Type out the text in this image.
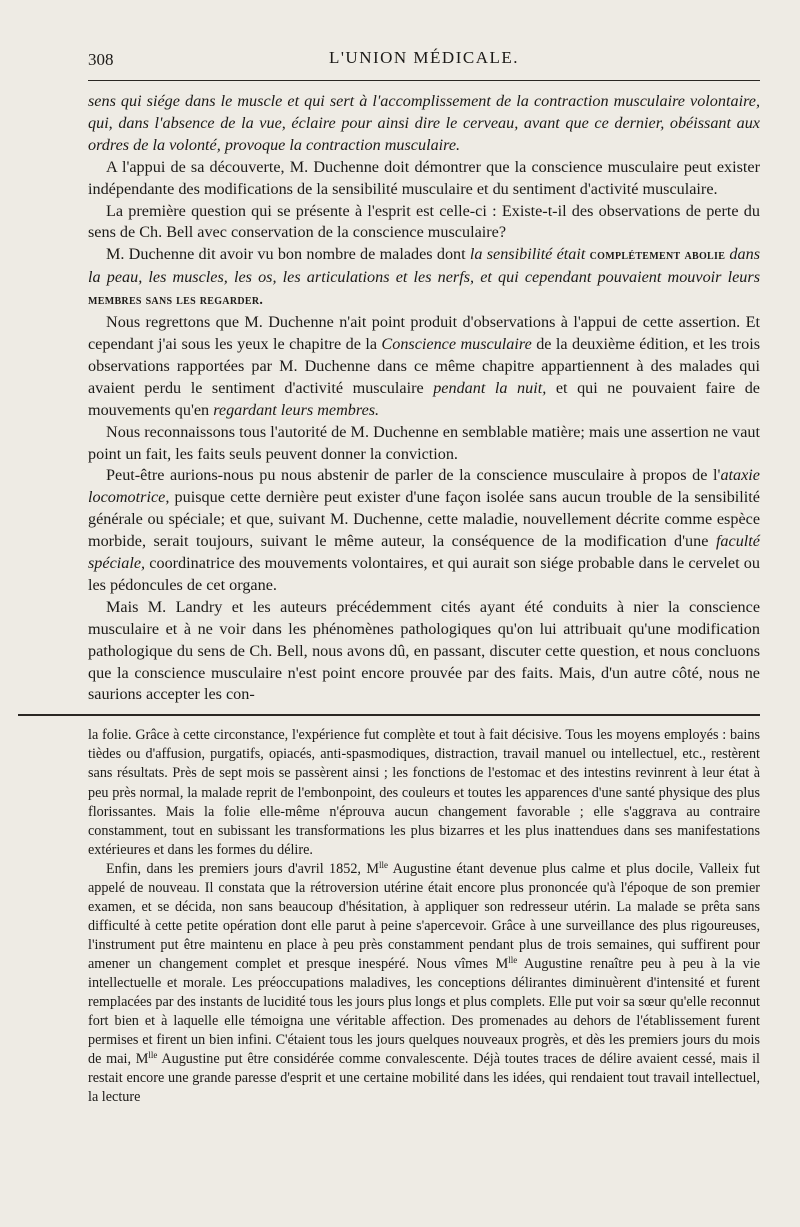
308	L'UNION MÉDICALE.

sens qui siége dans le muscle et qui sert à l'accomplissement de la contraction musculaire volontaire, qui, dans l'absence de la vue, éclaire pour ainsi dire le cerveau, avant que ce dernier, obéissant aux ordres de la volonté, provoque la contraction musculaire.

A l'appui de sa découverte, M. Duchenne doit démontrer que la conscience musculaire peut exister indépendante des modifications de la sensibilité musculaire et du sentiment d'activité musculaire.

La première question qui se présente à l'esprit est celle-ci : Existe-t-il des observations de perte du sens de Ch. Bell avec conservation de la conscience musculaire?

M. Duchenne dit avoir vu bon nombre de malades dont la sensibilité était complétement abolie dans la peau, les muscles, les os, les articulations et les nerfs, et qui cependant pouvaient mouvoir leurs membres sans les regarder.

Nous regrettons que M. Duchenne n'ait point produit d'observations à l'appui de cette assertion. Et cependant j'ai sous les yeux le chapitre de la Conscience musculaire de la deuxième édition, et les trois observations rapportées par M. Duchenne dans ce même chapitre appartiennent à des malades qui avaient perdu le sentiment d'activité musculaire pendant la nuit, et qui ne pouvaient faire de mouvements qu'en regardant leurs membres.

Nous reconnaissons tous l'autorité de M. Duchenne en semblable matière; mais une assertion ne vaut point un fait, les faits seuls peuvent donner la conviction.

Peut-être aurions-nous pu nous abstenir de parler de la conscience musculaire à propos de l'ataxie locomotrice, puisque cette dernière peut exister d'une façon isolée sans aucun trouble de la sensibilité générale ou spéciale; et que, suivant M. Duchenne, cette maladie, nouvellement décrite comme espèce morbide, serait toujours, suivant le même auteur, la conséquence de la modification d'une faculté spéciale, coordinatrice des mouvements volontaires, et qui aurait son siége probable dans le cervelet ou les pédoncules de cet organe.

Mais M. Landry et les auteurs précédemment cités ayant été conduits à nier la conscience musculaire et à ne voir dans les phénomènes pathologiques qu'on lui attribuait qu'une modification pathologique du sens de Ch. Bell, nous avons dû, en passant, discuter cette question, et nous concluons que la conscience musculaire n'est point encore prouvée par des faits. Mais, d'un autre côté, nous ne saurions accepter les con-

la folie. Grâce à cette circonstance, l'expérience fut complète et tout à fait décisive. Tous les moyens employés : bains tièdes ou d'affusion, purgatifs, opiacés, anti-spasmodiques, distraction, travail manuel ou intellectuel, etc., restèrent sans résultats. Près de sept mois se passèrent ainsi ; les fonctions de l'estomac et des intestins revinrent à leur état à peu près normal, la malade reprit de l'embonpoint, des couleurs et toutes les apparences d'une santé physique des plus florissantes. Mais la folie elle-même n'éprouva aucun changement favorable ; elle s'aggrava au contraire constamment, tout en subissant les transformations les plus bizarres et les plus inattendues dans ses manifestations extérieures et dans les formes du délire.

Enfin, dans les premiers jours d'avril 1852, $M^{lle}$ Augustine étant devenue plus calme et plus docile, Valleix fut appelé de nouveau. Il constata que la rétroversion utérine était encore plus prononcée qu'à l'époque de son premier examen, et se décida, non sans beaucoup d'hésitation, à appliquer son redresseur utérin. La malade se prêta sans difficulté à cette petite opération dont elle parut à peine s'apercevoir. Grâce à une surveillance des plus rigoureuses, l'instrument put être maintenu en place à peu près constamment pendant plus de trois semaines, qui suffirent pour amener un changement complet et presque inespéré. Nous vîmes $M^{lle}$ Augustine renaître peu à peu à la vie intellectuelle et morale. Les préoccupations maladives, les conceptions délirantes diminuèrent d'intensité et furent remplacées par des instants de lucidité tous les jours plus longs et plus complets. Elle put voir sa sœur qu'elle reconnut fort bien et à laquelle elle témoigna une véritable affection. Des promenades au dehors de l'établissement furent permises et firent un bien infini. C'étaient tous les jours quelques nouveaux progrès, et dès les premiers jours du mois de mai, $M^{lle}$ Augustine put être considérée comme convalescente. Déjà toutes traces de délire avaient cessé, mais il restait encore une grande paresse d'esprit et une certaine mobilité dans les idées, qui rendaient tout travail intellectuel, la lecture
